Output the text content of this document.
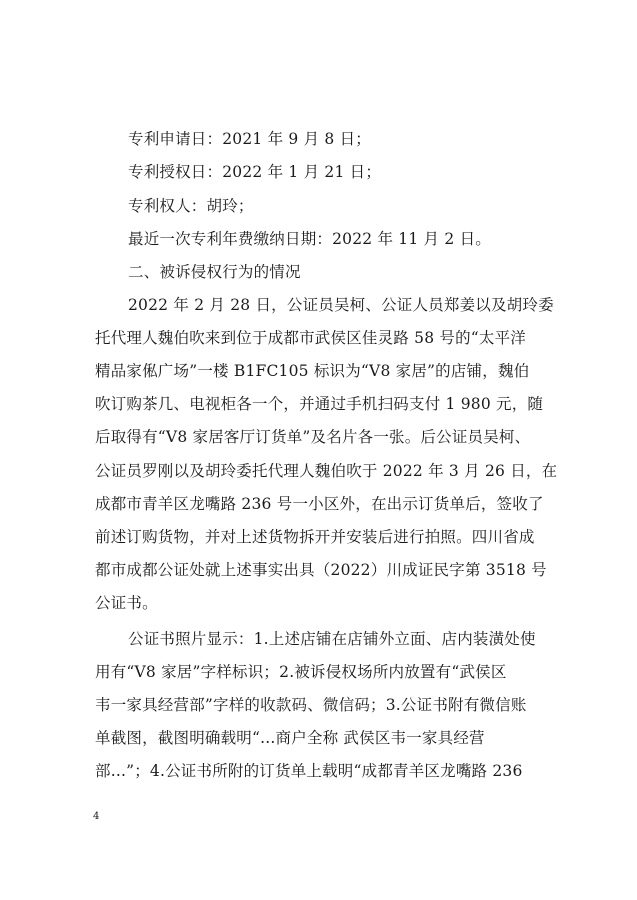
专利申请日：2021 年 9 月 8 日；
专利授权日：2022 年 1 月 21 日；
专利权人：胡玲；
最近一次专利年费缴纳日期：2022 年 11 月 2 日。
二、被诉侵权行为的情况
2022 年 2 月 28 日，公证员吴柯、公证人员郑姜以及胡玲委
托代理人魏伯吹来到位于成都市武侯区佳灵路 58 号的“太平洋
精品家俬广场”一楼 B1FC105 标识为“V8 家居”的店铺，魏伯
吹订购茶几、电视柜各一个，并通过手机扫码支付 1 980 元，随
后取得有“V8 家居客厅订货单”及名片各一张。后公证员吴柯、
公证员罗刚以及胡玲委托代理人魏伯吹于 2022 年 3 月 26 日，在
成都市青羊区龙嘴路 236 号一小区外，在出示订货单后，签收了
前述订购货物，并对上述货物拆开并安装后进行拍照。四川省成
都市成都公证处就上述事实出具（2022）川成证民字第 3518 号
公证书。
公证书照片显示：1.上述店铺在店铺外立面、店内装潢处使
用有“V8 家居”字样标识；2.被诉侵权场所内放置有“武侯区
韦一家具经营部”字样的收款码、微信码；3.公证书附有微信账
单截图，截图明确载明“...商户全称 武侯区韦一家具经营
部...”；4.公证书所附的订货单上载明“成都青羊区龙嘴路 236
4
